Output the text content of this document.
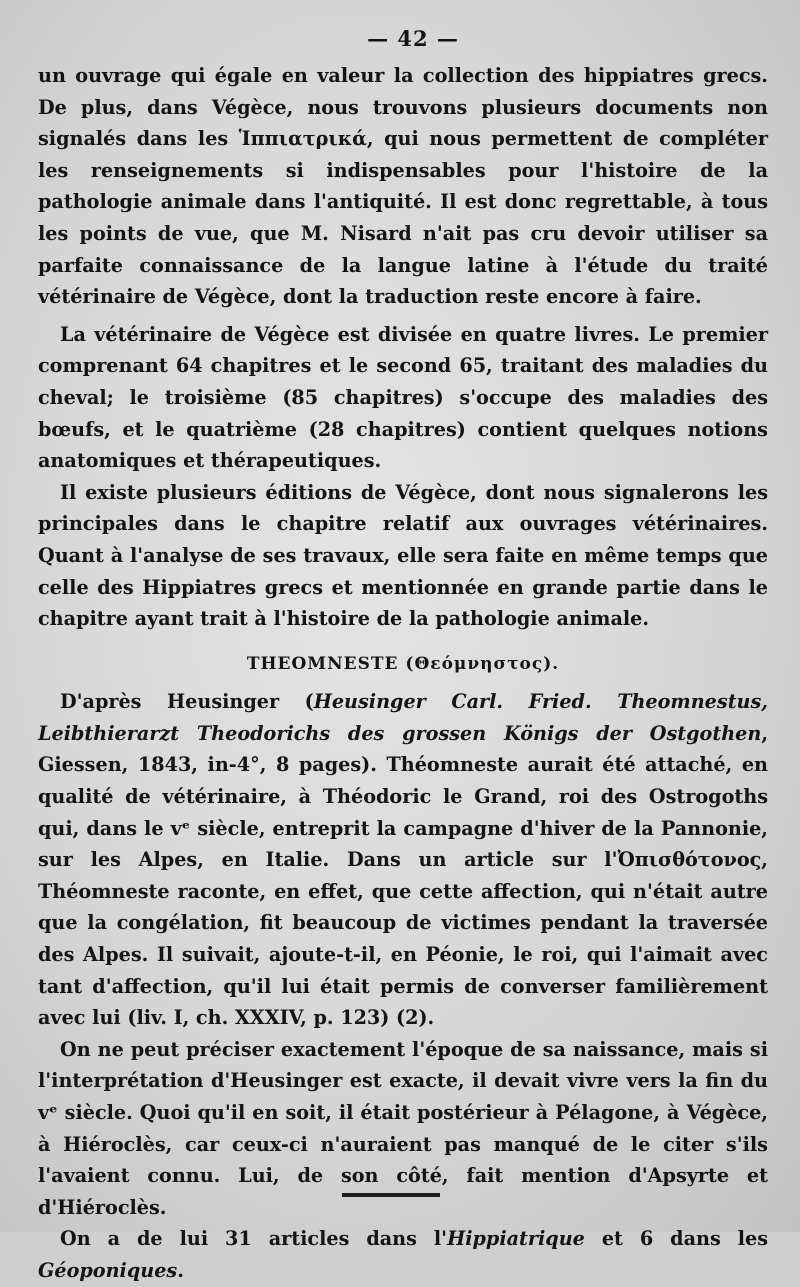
— 42 —

un ouvrage qui égale en valeur la collection des hippiatres grecs. De plus, dans Végèce, nous trouvons plusieurs documents non signalés dans les Ἱππιατρικά, qui nous permettent de compléter les renseignements si indispensables pour l'histoire de la pathologie animale dans l'antiquité. Il est donc regrettable, à tous les points de vue, que M. Nisard n'ait pas cru devoir utiliser sa parfaite connaissance de la langue latine à l'étude du traité vétérinaire de Végèce, dont la traduction reste encore à faire.

La vétérinaire de Végèce est divisée en quatre livres. Le premier comprenant 64 chapitres et le second 65, traitant des maladies du cheval; le troisième (85 chapitres) s'occupe des maladies des bœufs, et le quatrième (28 chapitres) contient quelques notions anatomiques et thérapeutiques.

Il existe plusieurs éditions de Végèce, dont nous signalerons les principales dans le chapitre relatif aux ouvrages vétérinaires. Quant à l'analyse de ses travaux, elle sera faite en même temps que celle des Hippiatres grecs et mentionnée en grande partie dans le chapitre ayant trait à l'histoire de la pathologie animale.

THEOMNESTE (Θεόμνηστος).

D'après Heusinger (Heusinger Carl. Fried. Theomnestus, Leibthierarzt Theodorichs des grossen Königs der Ostgothen, Giessen, 1843, in-4°, 8 pages). Théomneste aurait été attaché, en qualité de vétérinaire, à Théodoric le Grand, roi des Ostrogoths qui, dans le vᵉ siècle, entreprit la campagne d'hiver de la Pannonie, sur les Alpes, en Italie. Dans un article sur l'Ὀπισθότονος, Théomneste raconte, en effet, que cette affection, qui n'était autre que la congélation, fit beaucoup de victimes pendant la traversée des Alpes. Il suivait, ajoute-t-il, en Péonie, le roi, qui l'aimait avec tant d'affection, qu'il lui était permis de converser familièrement avec lui (liv. I, ch. XXXIV, p. 123) (2).

On ne peut préciser exactement l'époque de sa naissance, mais si l'interprétation d'Heusinger est exacte, il devait vivre vers la fin du vᵉ siècle. Quoi qu'il en soit, il était postérieur à Pélagone, à Végèce, à Hiéroclès, car ceux-ci n'auraient pas manqué de le citer s'ils l'avaient connu. Lui, de son côté, fait mention d'Apsyrte et d'Hiéroclès.

On a de lui 31 articles dans l'Hippiatrique et 6 dans les Géoponiques.
